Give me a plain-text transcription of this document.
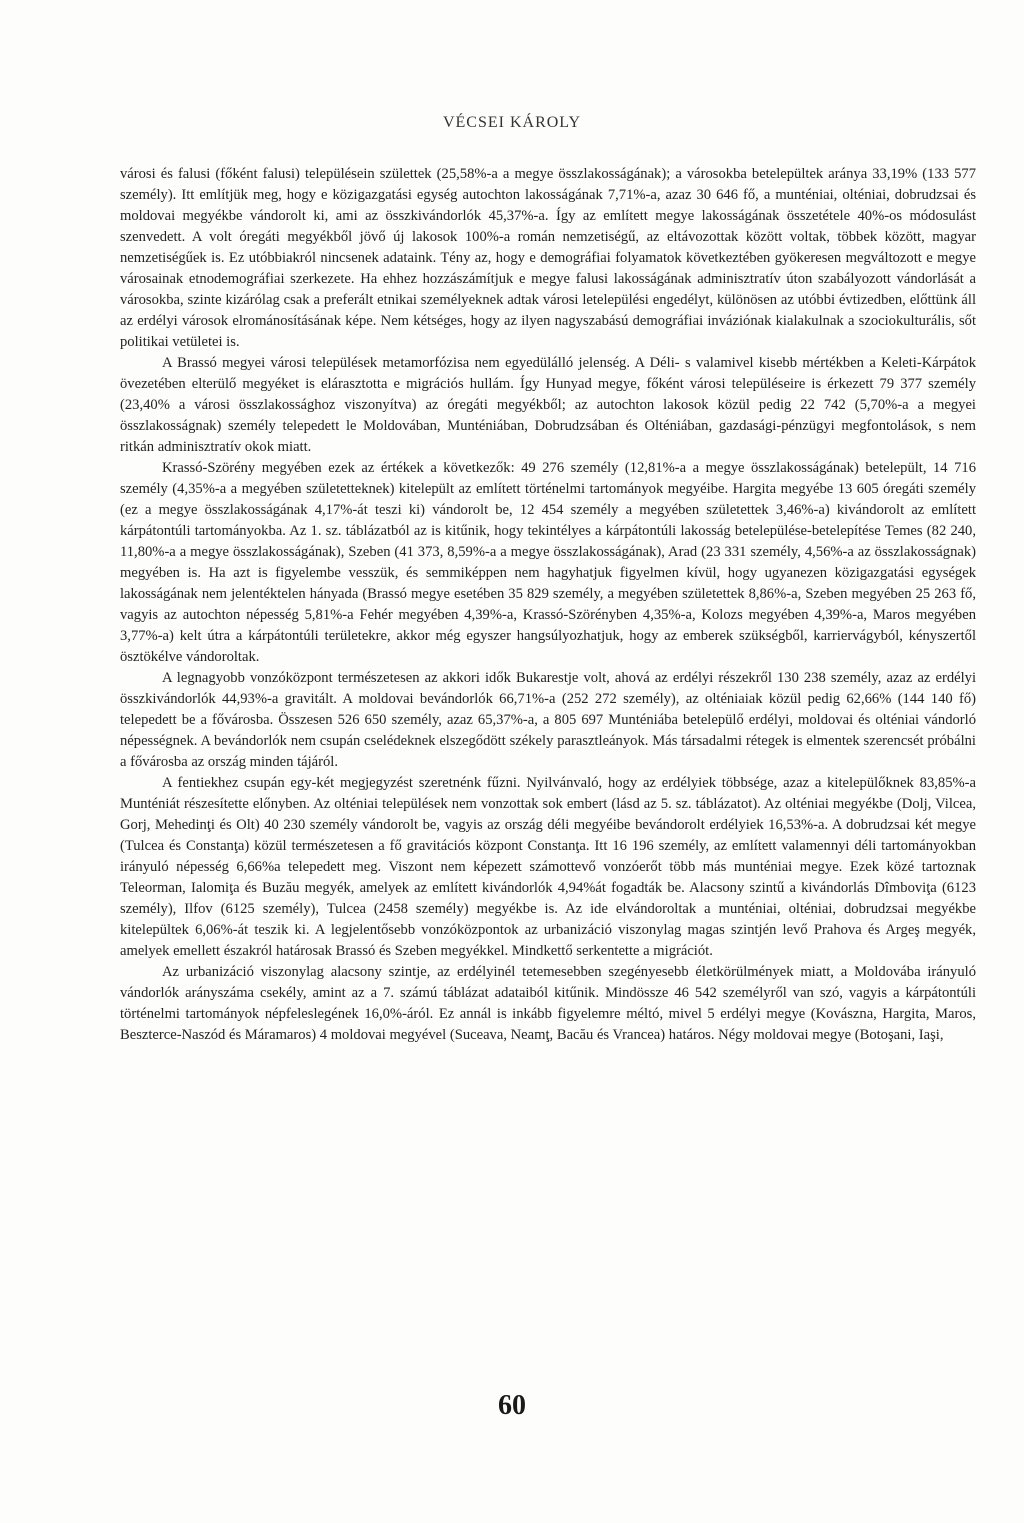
VÉCSEI KÁROLY

városi és falusi (főként falusi) településein születtek (25,58%-a a megye összlakosságának); a városokba betelepültek aránya 33,19% (133 577 személy). Itt említjük meg, hogy e közigazgatási egység autochton lakosságának 7,71%-a, azaz 30 646 fő, a munténiai, olténiai, dobrudzsai és moldovai megyékbe vándorolt ki, ami az összkivándorlók 45,37%-a. Így az említett megye lakosságának összetétele 40%-os módosulást szenvedett. A volt óregáti megyékből jövő új lakosok 100%-a román nemzetiségű, az eltávozottak között voltak, többek között, magyar nemzetiségűek is. Ez utóbbiakról nincsenek adataink. Tény az, hogy e demográfiai folyamatok következtében gyökeresen megváltozott e megye városainak etnodemográfiai szerkezete. Ha ehhez hozzászámítjuk e megye falusi lakosságának adminisztratív úton szabályozott vándorlását a városokba, szinte kizárólag csak a preferált etnikai személyeknek adtak városi letelepülési engedélyt, különösen az utóbbi évtizedben, előttünk áll az erdélyi városok elrománosításának képe. Nem kétséges, hogy az ilyen nagyszabású demográfiai inváziónak kialakulnak a szociokulturális, sőt politikai vetületei is.

A Brassó megyei városi települések metamorfózisa nem egyedülálló jelenség. A Déli- s valamivel kisebb mértékben a Keleti-Kárpátok övezetében elterülő megyéket is elárasztotta e migrációs hullám. Így Hunyad megye, főként városi településeire is érkezett 79 377 személy (23,40% a városi összlakossághoz viszonyítva) az óregáti megyékből; az autochton lakosok közül pedig 22 742 (5,70%-a a megyei összlakosságnak) személy telepedett le Moldovában, Munténiában, Dobrudzsában és Olténiában, gazdasági-pénzügyi megfontolások, s nem ritkán adminisztratív okok miatt.

Krassó-Szörény megyében ezek az értékek a következők: 49 276 személy (12,81%-a a megye összlakosságának) betelepült, 14 716 személy (4,35%-a a megyében születetteknek) kitelepült az említett történelmi tartományok megyéibe. Hargita megyébe 13 605 óregáti személy (ez a megye összlakosságának 4,17%-át teszi ki) vándorolt be, 12 454 személy a megyében születettek 3,46%-a) kivándorolt az említett kárpátontúli tartományokba. Az 1. sz. táblázatból az is kitűnik, hogy tekintélyes a kárpátontúli lakosság betelepülése-betelepítése Temes (82 240, 11,80%-a a megye összlakosságának), Szeben (41 373, 8,59%-a a megye összlakosságának), Arad (23 331 személy, 4,56%-a az összlakosságnak) megyében is. Ha azt is figyelembe vesszük, és semmiképpen nem hagyhatjuk figyelmen kívül, hogy ugyanezen közigazgatási egységek lakosságának nem jelentéktelen hányada (Brassó megye esetében 35 829 személy, a megyében születettek 8,86%-a, Szeben megyében 25 263 fő, vagyis az autochton népesség 5,81%-a Fehér megyében 4,39%-a, Krassó-Szörényben 4,35%-a, Kolozs megyében 4,39%-a, Maros megyében 3,77%-a) kelt útra a kárpátontúli területekre, akkor még egyszer hangsúlyozhatjuk, hogy az emberek szükségből, karriervágyból, kényszertől ösztökélve vándoroltak.

A legnagyobb vonzóközpont természetesen az akkori idők Bukarestje volt, ahová az erdélyi részekről 130 238 személy, azaz az erdélyi összkivándorlók 44,93%-a gravitált. A moldovai bevándorlók 66,71%-a (252 272 személy), az olténiaiak közül pedig 62,66% (144 140 fő) telepedett be a fővárosba. Összesen 526 650 személy, azaz 65,37%-a, a 805 697 Munténiába betelepülő erdélyi, moldovai és olténiai vándorló népességnek. A bevándorlók nem csupán cselédeknek elszegődött székely parasztleányok. Más társadalmi rétegek is elmentek szerencsét próbálni a fővárosba az ország minden tájáról.

A fentiekhez csupán egy-két megjegyzést szeretnénk fűzni. Nyilvánvaló, hogy az erdélyiek többsége, azaz a kitelepülőknek 83,85%-a Munténiát részesítette előnyben. Az olténiai települések nem vonzottak sok embert (lásd az 5. sz. táblázatot). Az olténiai megyékbe (Dolj, Vilcea, Gorj, Mehedinţi és Olt) 40 230 személy vándorolt be, vagyis az ország déli megyéibe bevándorolt erdélyiek 16,53%-a. A dobrudzsai két megye (Tulcea és Constanţa) közül természetesen a fő gravitációs központ Constanţa. Itt 16 196 személy, az említett valamennyi déli tartományokban irányuló népesség 6,66%a telepedett meg. Viszont nem képezett számottevő vonzóerőt több más munténiai megye. Ezek közé tartoznak Teleorman, Ialomiţa és Buzău megyék, amelyek az említett kivándorlók 4,94%át fogadták be. Alacsony szintű a kivándorlás Dîmboviţa (6123 személy), Ilfov (6125 személy), Tulcea (2458 személy) megyékbe is. Az ide elvándoroltak a munténiai, olténiai, dobrudzsai megyékbe kitelepültek 6,06%-át teszik ki. A legjelentősebb vonzóközpontok az urbanizáció viszonylag magas szintjén levő Prahova és Argeş megyék, amelyek emellett északról határosak Brassó és Szeben megyékkel. Mindkettő serkentette a migrációt.

Az urbanizáció viszonylag alacsony szintje, az erdélyinél tetemesebben szegényesebb életkörülmények miatt, a Moldovába irányuló vándorlók arányszáma csekély, amint az a 7. számú táblázat adataiból kitűnik. Mindössze 46 542 személyről van szó, vagyis a kárpátontúli történelmi tartományok népfeleslegének 16,0%-áról. Ez annál is inkább figyelemre méltó, mivel 5 erdélyi megye (Kovászna, Hargita, Maros, Beszterce-Naszód és Máramaros) 4 moldovai megyével (Suceava, Neamţ, Bacău és Vrancea) határos. Négy moldovai megye (Botoşani, Iaşi,

60
